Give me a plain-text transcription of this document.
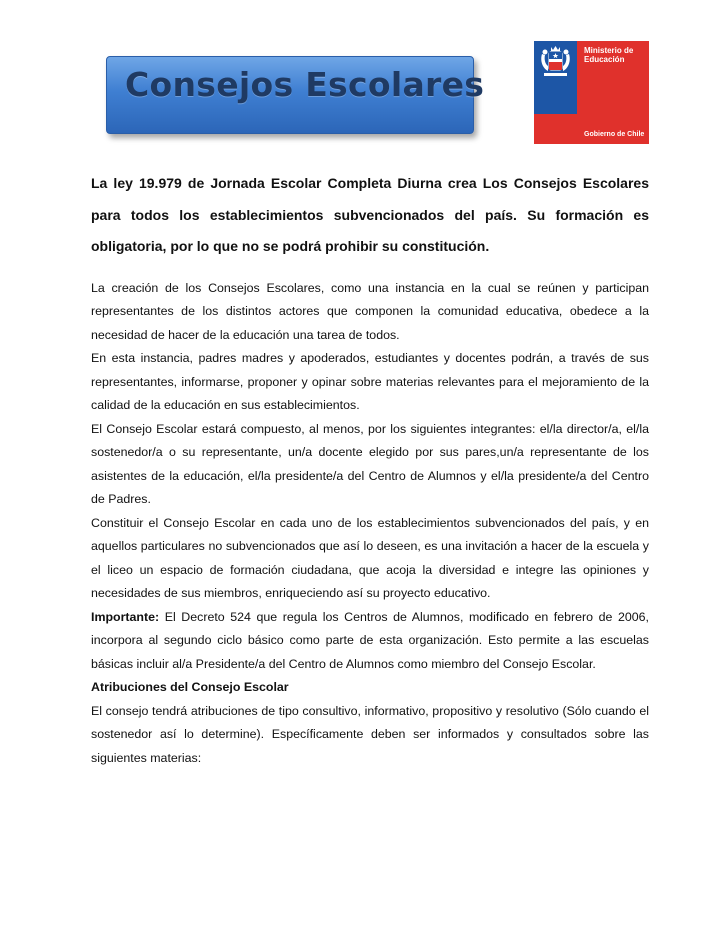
Consejos Escolares
Ministerio de Educación
Gobierno de Chile

La ley 19.979 de Jornada Escolar Completa Diurna crea Los Consejos Escolares para todos los establecimientos subvencionados del país. Su formación es obligatoria, por lo que no se podrá prohibir su constitución.

La creación de los Consejos Escolares, como una instancia en la cual se reúnen y participan representantes de los distintos actores que componen la comunidad educativa, obedece a la necesidad de hacer de la educación una tarea de todos.

En esta instancia, padres madres y apoderados, estudiantes y docentes podrán, a través de sus representantes, informarse, proponer y opinar sobre materias relevantes para el mejoramiento de la calidad de la educación en sus establecimientos.

El Consejo Escolar estará compuesto, al menos, por los siguientes integrantes: el/la director/a, el/la sostenedor/a o su representante, un/a docente elegido por sus pares,un/a representante de los asistentes de la educación, el/la presidente/a del Centro de Alumnos y el/la presidente/a del Centro de Padres.

Constituir el Consejo Escolar en cada uno de los establecimientos subvencionados del país, y en aquellos particulares no subvencionados que así lo deseen, es una invitación a hacer de la escuela y el liceo un espacio de formación ciudadana, que acoja la diversidad e integre las opiniones y necesidades de sus miembros, enriqueciendo así su proyecto educativo.

Importante: El Decreto 524 que regula los Centros de Alumnos, modificado en febrero de 2006, incorpora al segundo ciclo básico como parte de esta organización. Esto permite a las escuelas básicas incluir al/a Presidente/a del Centro de Alumnos como miembro del Consejo Escolar.

Atribuciones del Consejo Escolar

El consejo tendrá atribuciones de tipo consultivo, informativo, propositivo y resolutivo (Sólo cuando el sostenedor así lo determine). Específicamente deben ser informados y consultados sobre las siguientes materias:
